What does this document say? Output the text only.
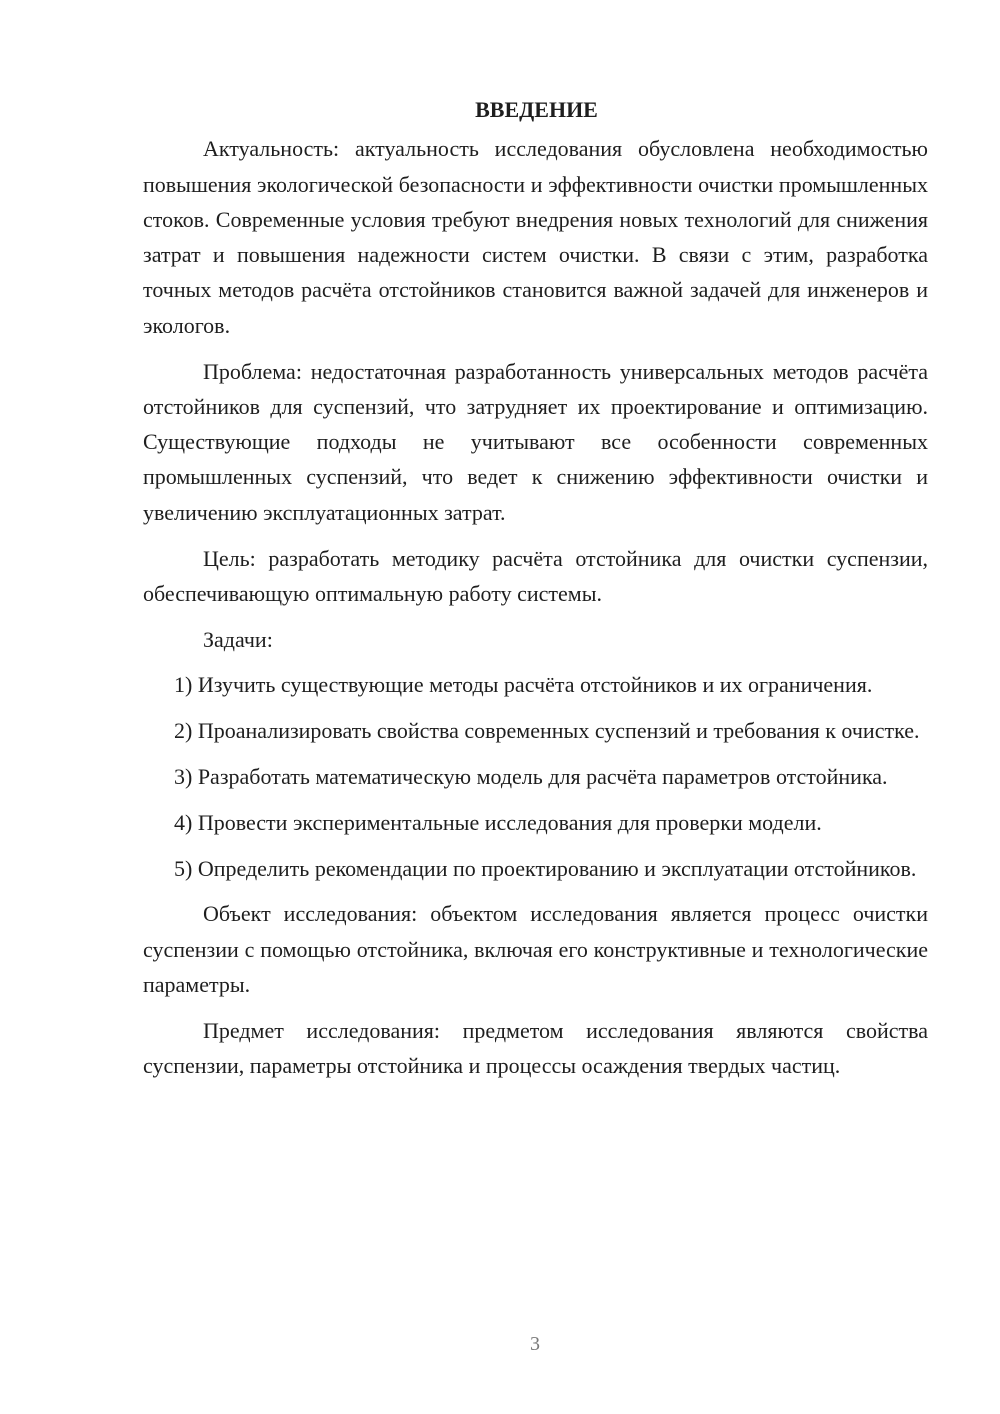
ВВЕДЕНИЕ

Актуальность: актуальность исследования обусловлена необходимостью повышения экологической безопасности и эффективности очистки промышленных стоков. Современные условия требуют внедрения новых технологий для снижения затрат и повышения надежности систем очистки. В связи с этим, разработка точных методов расчёта отстойников становится важной задачей для инженеров и экологов.

Проблема: недостаточная разработанность универсальных методов расчёта отстойников для суспензий, что затрудняет их проектирование и оптимизацию. Существующие подходы не учитывают все особенности современных промышленных суспензий, что ведет к снижению эффективности очистки и увеличению эксплуатационных затрат.

Цель: разработать методику расчёта отстойника для очистки суспензии, обеспечивающую оптимальную работу системы.

Задачи:

1) Изучить существующие методы расчёта отстойников и их ограничения.

2) Проанализировать свойства современных суспензий и требования к очистке.

3) Разработать математическую модель для расчёта параметров отстойника.

4) Провести экспериментальные исследования для проверки модели.

5) Определить рекомендации по проектированию и эксплуатации отстойников.

Объект исследования: объектом исследования является процесс очистки суспензии с помощью отстойника, включая его конструктивные и технологические параметры.

Предмет исследования: предметом исследования являются свойства суспензии, параметры отстойника и процессы осаждения твердых частиц.

3
